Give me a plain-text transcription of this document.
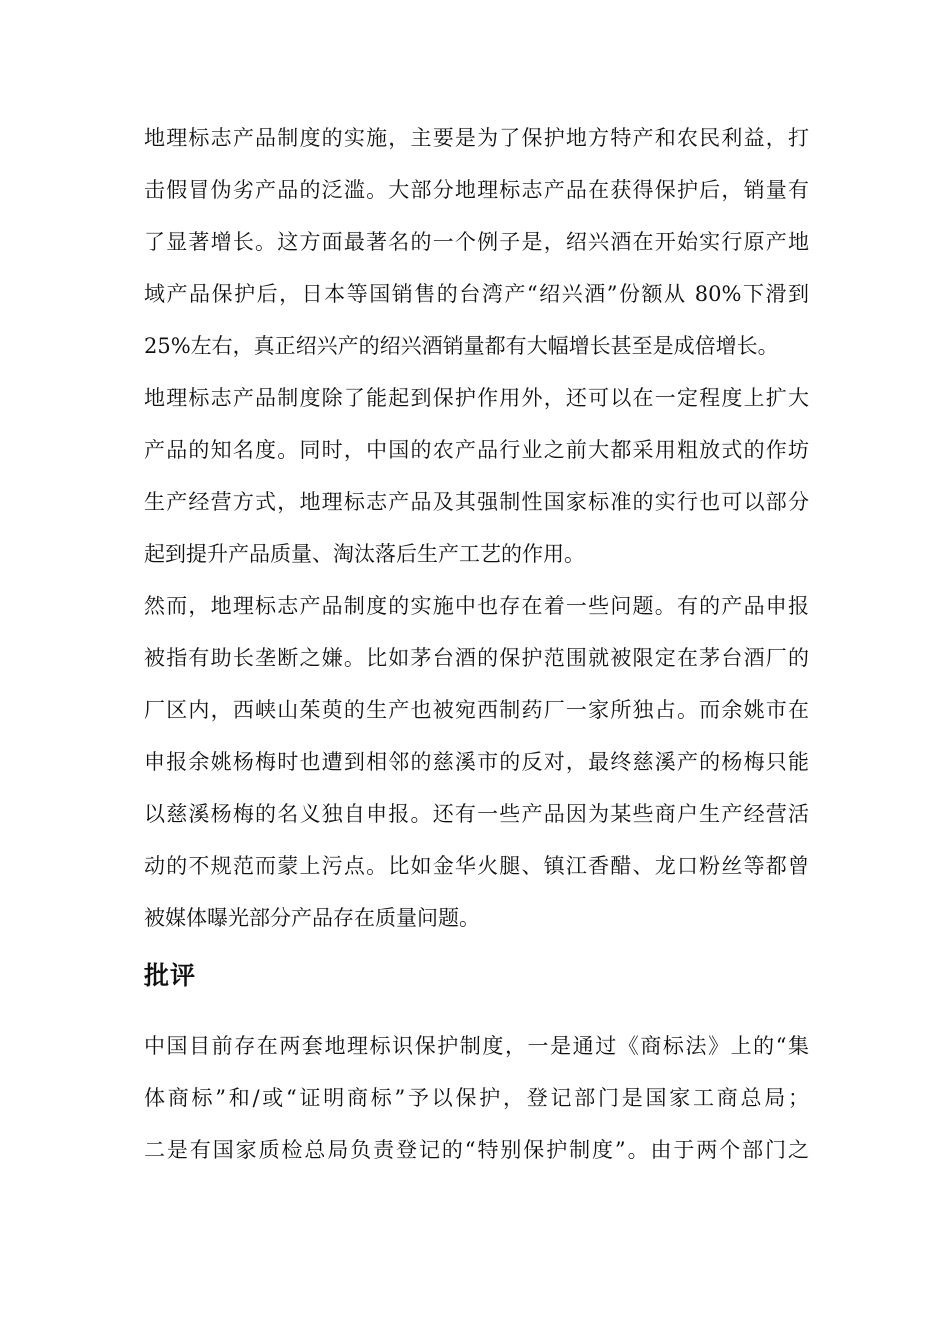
地理标志产品制度的实施，主要是为了保护地方特产和农民利益，打
击假冒伪劣产品的泛滥。大部分地理标志产品在获得保护后，销量有
了显著增长。这方面最著名的一个例子是，绍兴酒在开始实行原产地
域产品保护后，日本等国销售的台湾产“绍兴酒”份额从 80%下滑到
25%左右，真正绍兴产的绍兴酒销量都有大幅增长甚至是成倍增长。
地理标志产品制度除了能起到保护作用外，还可以在一定程度上扩大
产品的知名度。同时，中国的农产品行业之前大都采用粗放式的作坊
生产经营方式，地理标志产品及其强制性国家标准的实行也可以部分
起到提升产品质量、淘汰落后生产工艺的作用。
然而，地理标志产品制度的实施中也存在着一些问题。有的产品申报
被指有助长垄断之嫌。比如茅台酒的保护范围就被限定在茅台酒厂的
厂区内，西峡山茱萸的生产也被宛西制药厂一家所独占。而余姚市在
申报余姚杨梅时也遭到相邻的慈溪市的反对，最终慈溪产的杨梅只能
以慈溪杨梅的名义独自申报。还有一些产品因为某些商户生产经营活
动的不规范而蒙上污点。比如金华火腿、镇江香醋、龙口粉丝等都曾
被媒体曝光部分产品存在质量问题。
批评
中国目前存在两套地理标识保护制度，一是通过《商标法》上的“集
体商标”和/或“证明商标”予以保护，登记部门是国家工商总局；
二是有国家质检总局负责登记的“特别保护制度”。由于两个部门之
